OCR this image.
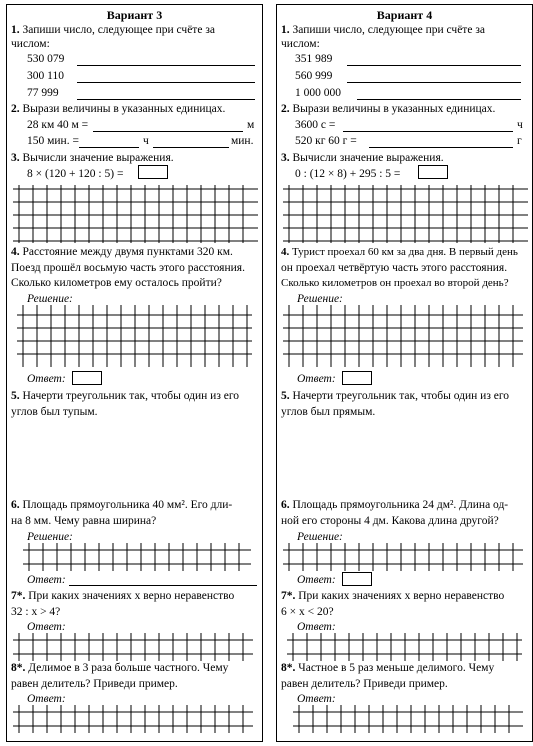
Вариант 3
1. Запиши число, следующее при счёте за
числом:
530 079
300 110
77 999
2. Вырази величины в указанных единицах.
28 км 40 м =	м
150 мин. =	ч	мин.
3. Вычисли значение выражения.
8 × (120 + 120 : 5) =
4. Расстояние между двумя пунктами 320 км.
Поезд прошёл восьмую часть этого расстояния.
Сколько километров ему осталось пройти?
Решение:
Ответ:
5. Начерти треугольник так, чтобы один из его
углов был тупым.
6. Площадь прямоугольника 40 мм². Его дли-
на 8 мм. Чему равна ширина?
Решение:
Ответ:
7*. При каких значениях x верно неравенство
32 : x > 4?
Ответ:
8*. Делимое в 3 раза больше частного. Чему
равен делитель? Приведи пример.
Ответ:
Вариант 4
1. Запиши число, следующее при счёте за
числом:
351 989
560 999
1 000 000
2. Вырази величины в указанных единицах.
3600 с =	ч
520 кг 60 г =	г
3. Вычисли значение выражения.
0 : (12 × 8) + 295 : 5 =
4. Турист проехал 60 км за два дня. В первый день
он проехал четвёртую часть этого расстояния.
Сколько километров он проехал во второй день?
Решение:
Ответ:
5. Начерти треугольник так, чтобы один из его
углов был прямым.
6. Площадь прямоугольника 24 дм². Длина од-
ной его стороны 4 дм. Какова длина другой?
Решение:
Ответ:
7*. При каких значениях x верно неравенство
6 × x < 20?
Ответ:
8*. Частное в 5 раз меньше делимого. Чему
равен делитель? Приведи пример.
Ответ:
